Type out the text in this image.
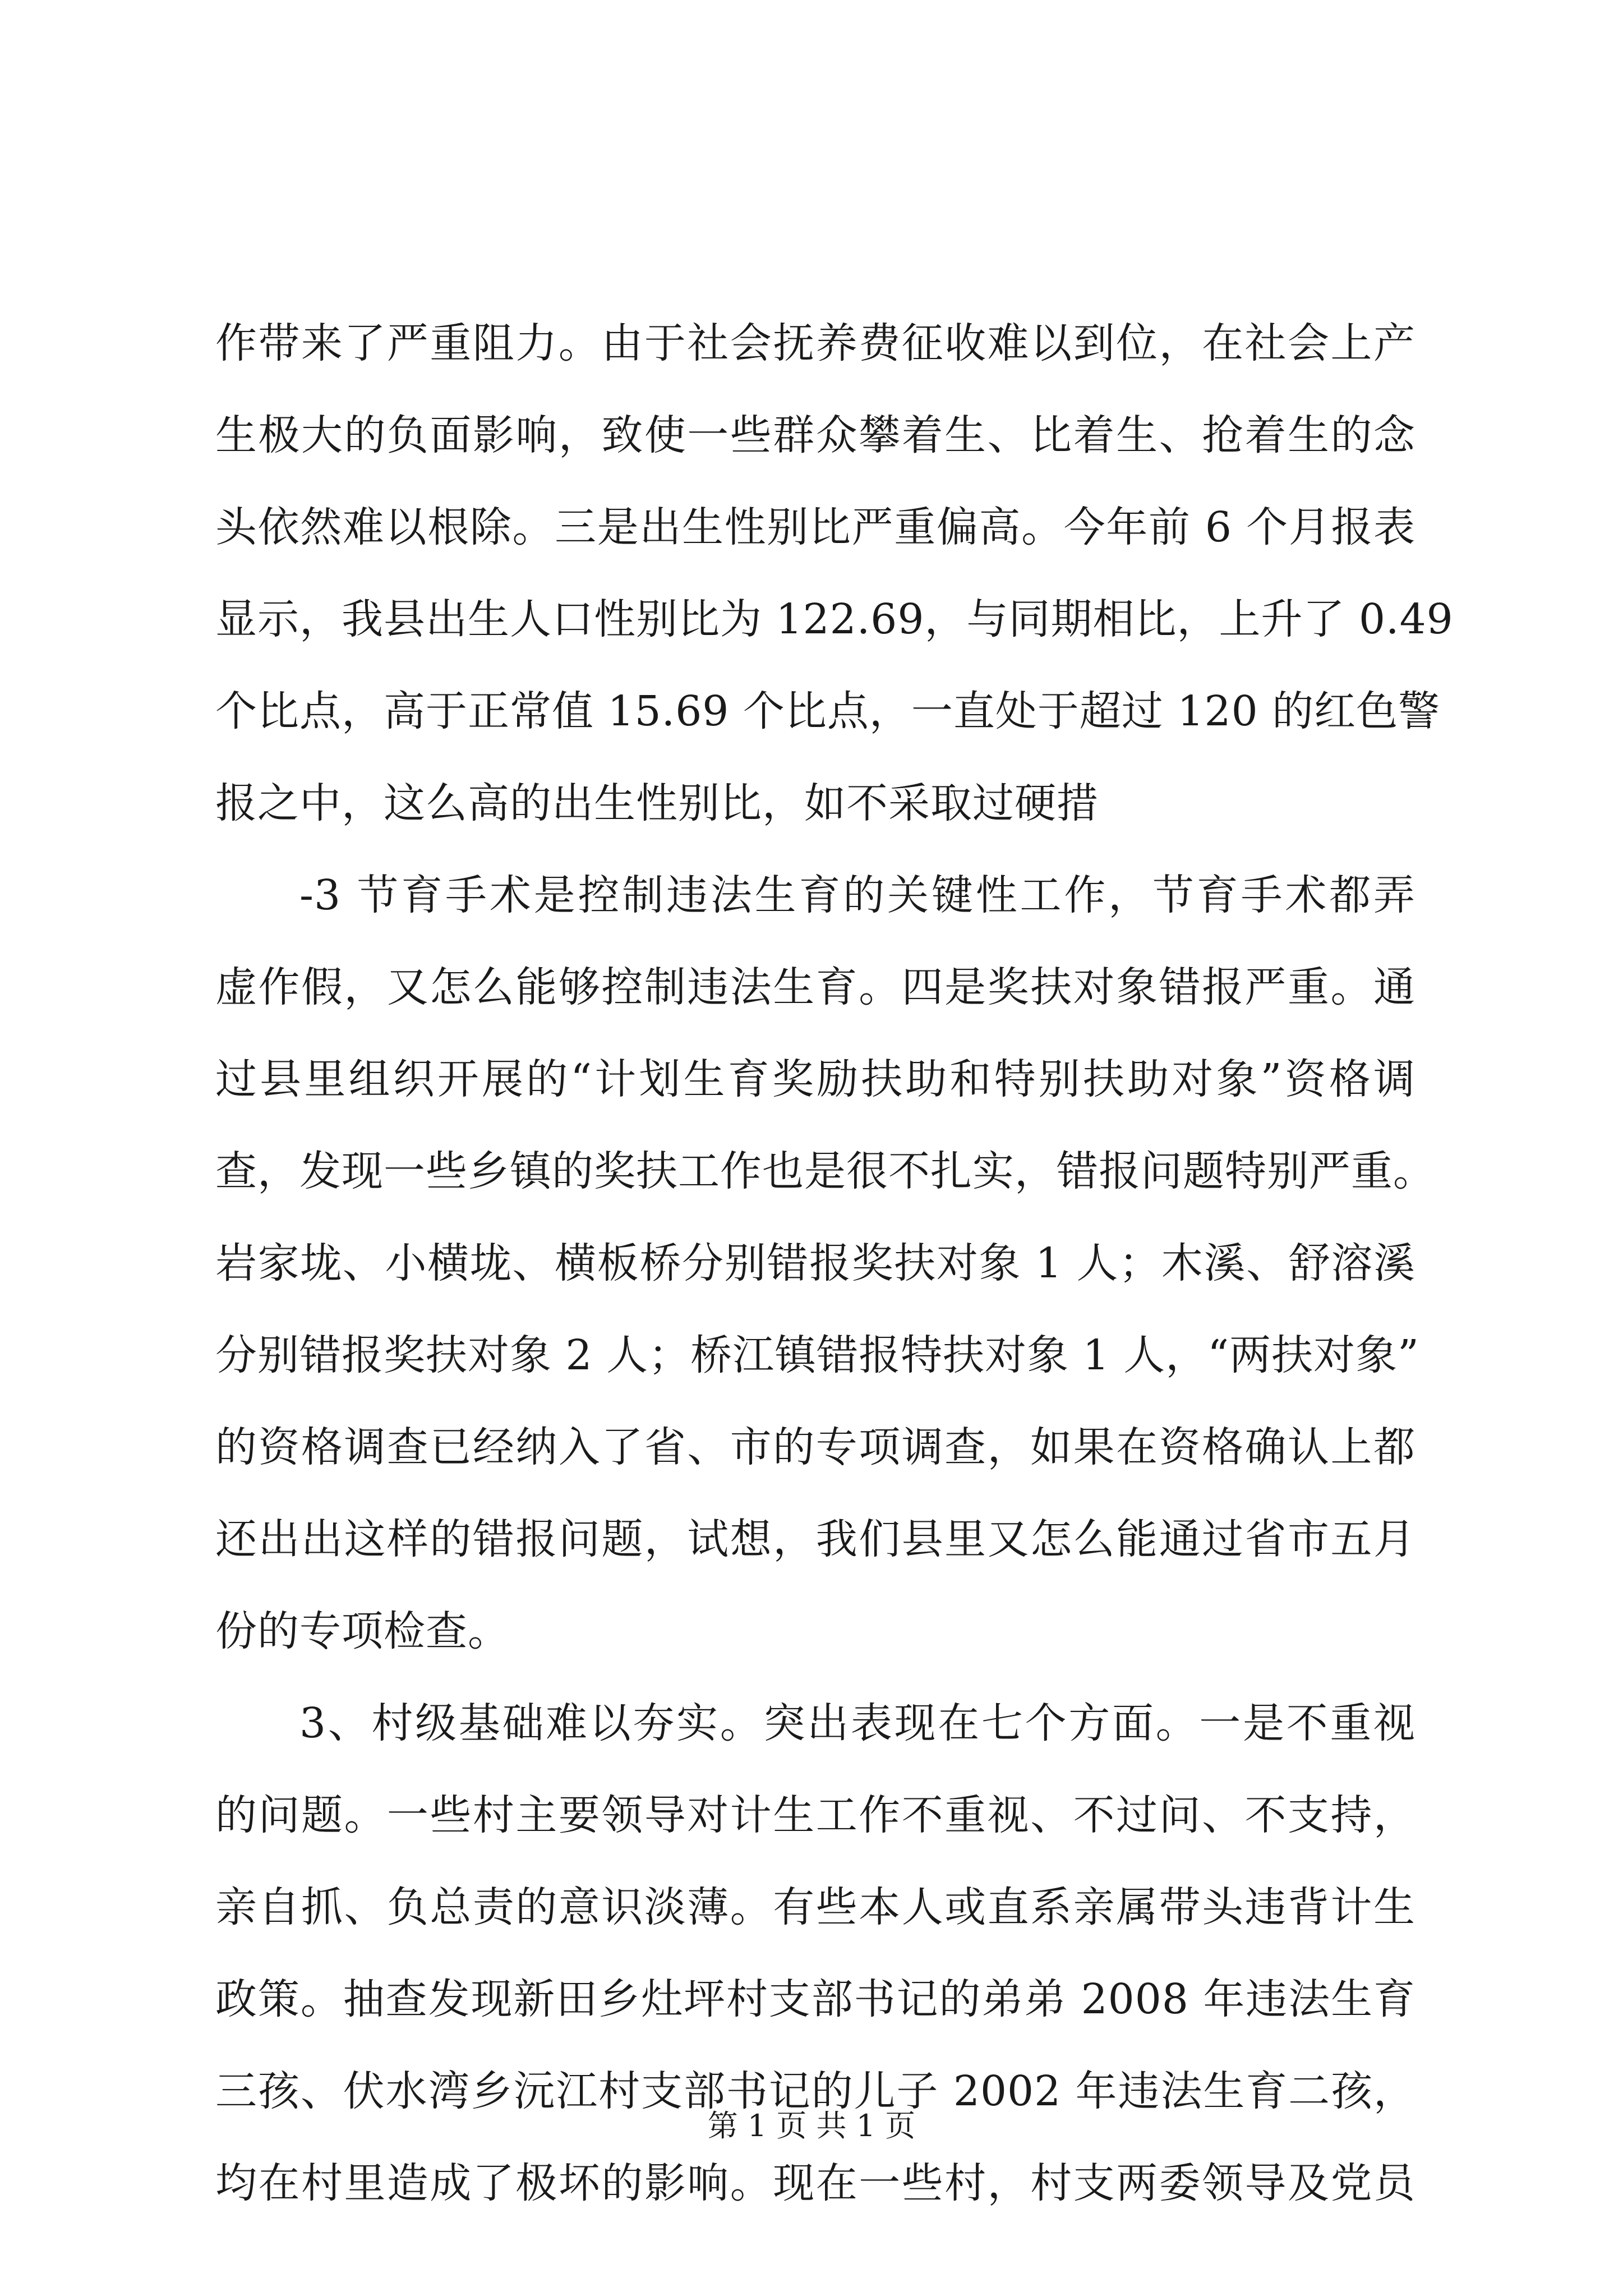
作带来了严重阻力。由于社会抚养费征收难以到位，在社会上产
生极大的负面影响，致使一些群众攀着生、比着生、抢着生的念
头依然难以根除。三是出生性别比严重偏高。今年前 6 个月报表
显示，我县出生人口性别比为 122.69，与同期相比，上升了 0.49
个比点，高于正常值 15.69 个比点，一直处于超过 120 的红色警
报之中，这么高的出生性别比，如不采取过硬措
-3 节育手术是控制违法生育的关键性工作，节育手术都弄
虚作假，又怎么能够控制违法生育。四是奖扶对象错报严重。通
过县里组织开展的“计划生育奖励扶助和特别扶助对象”资格调
查，发现一些乡镇的奖扶工作也是很不扎实，错报问题特别严重。
岩家垅、小横垅、横板桥分别错报奖扶对象 1 人；木溪、舒溶溪
分别错报奖扶对象 2 人；桥江镇错报特扶对象 1 人，“两扶对象”
的资格调查已经纳入了省、市的专项调查，如果在资格确认上都
还出出这样的错报问题，试想，我们县里又怎么能通过省市五月
份的专项检查。
3、村级基础难以夯实。突出表现在七个方面。一是不重视
的问题。一些村主要领导对计生工作不重视、不过问、不支持，
亲自抓、负总责的意识淡薄。有些本人或直系亲属带头违背计生
政策。抽查发现新田乡灶坪村支部书记的弟弟 2008 年违法生育
三孩、伏水湾乡沅江村支部书记的儿子 2002 年违法生育二孩，
均在村里造成了极坏的影响。现在一些村，村支两委领导及党员
第 1 页 共 1 页
